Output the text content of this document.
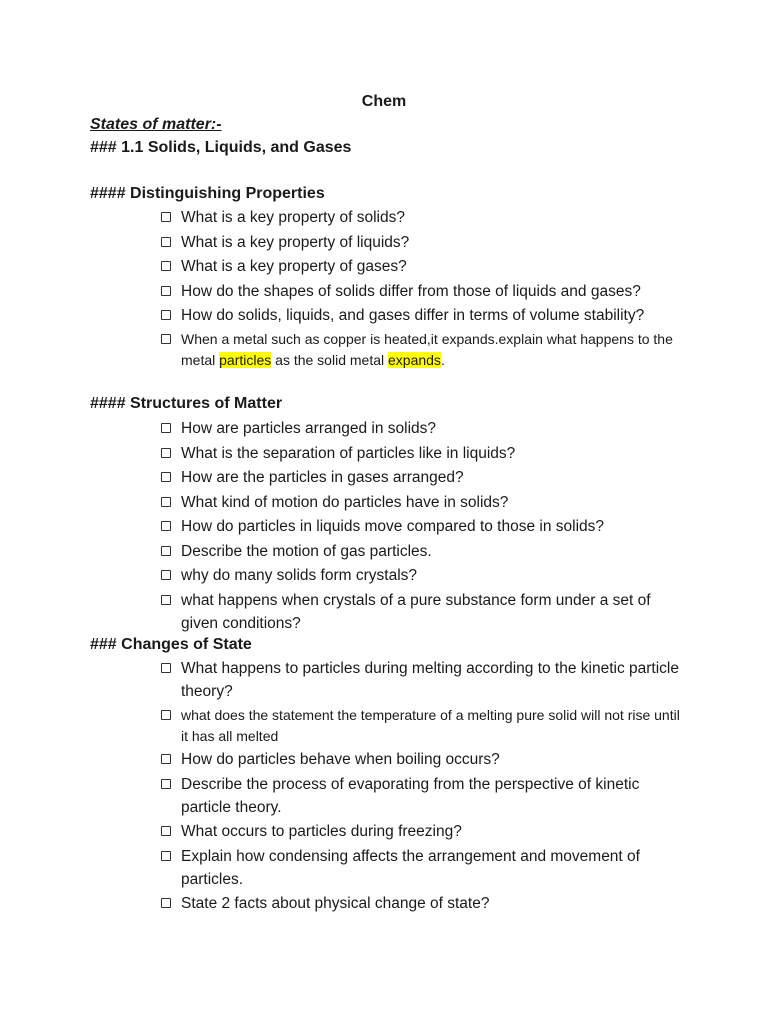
Chem
States of matter:-
### 1.1 Solids, Liquids, and Gases
#### Distinguishing Properties
What is a key property of solids?
What is a key property of liquids?
What is a key property of gases?
How do the shapes of solids differ from those of liquids and gases?
How do solids, liquids, and gases differ in terms of volume stability?
When a metal such as copper is heated,it expands.explain what happens to the metal particles as the solid metal expands.
#### Structures of Matter
How are particles arranged in solids?
What is the separation of particles like in liquids?
How are the particles in gases arranged?
What kind of motion do particles have in solids?
How do particles in liquids move compared to those in solids?
Describe the motion of gas particles.
why do many solids form crystals?
what happens when crystals of a pure substance form under a set of given conditions?
### Changes of State
What happens to particles during melting according to the kinetic particle theory?
what does the statement the temperature of a melting pure solid will not rise until it has all melted
How do particles behave when boiling occurs?
Describe the process of evaporating from the perspective of kinetic particle theory.
What occurs to particles during freezing?
Explain how condensing affects the arrangement and movement of particles.
State 2 facts about physical change of state?
